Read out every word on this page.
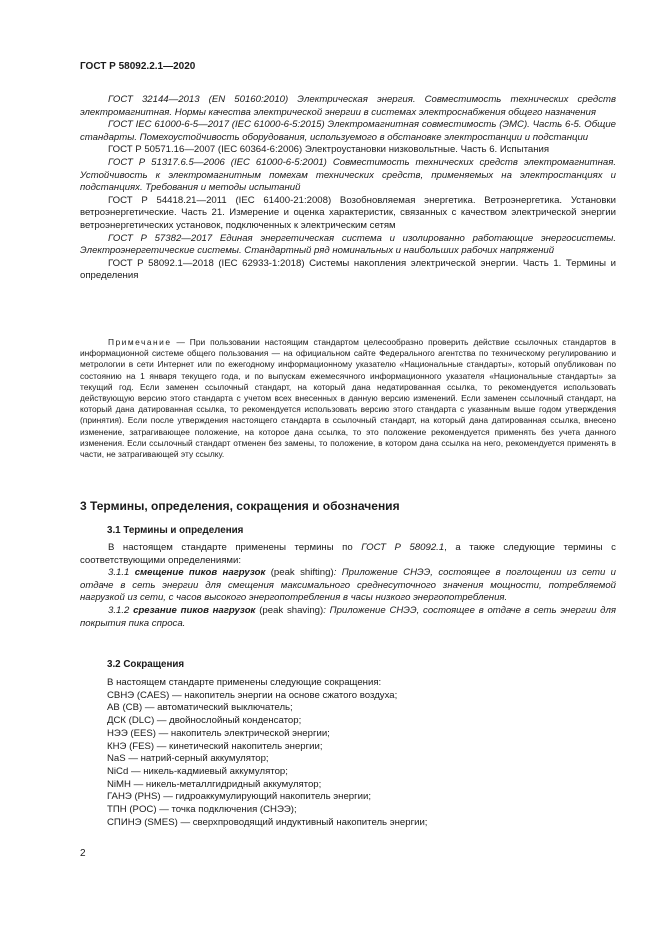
ГОСТ Р 58092.2.1—2020

ГОСТ 32144—2013 (EN 50160:2010) Электрическая энергия. Совместимость технических средств электромагнитная. Нормы качества электрической энергии в системах электроснабжения общего назначения

ГОСТ IEC 61000-6-5—2017 (IEC 61000-6-5:2015) Электромагнитная совместимость (ЭМС). Часть 6-5. Общие стандарты. Помехоустойчивость оборудования, используемого в обстановке электростанции и подстанции

ГОСТ Р 50571.16—2007 (IEC 60364-6:2006) Электроустановки низковольтные. Часть 6. Испытания

ГОСТ Р 51317.6.5—2006 (IEC 61000-6-5:2001) Совместимость технических средств электромагнитная. Устойчивость к электромагнитным помехам технических средств, применяемых на электростанциях и подстанциях. Требования и методы испытаний

ГОСТ Р 54418.21—2011 (IEC 61400-21:2008) Возобновляемая энергетика. Ветроэнергетика. Установки ветроэнергетические. Часть 21. Измерение и оценка характеристик, связанных с качеством электрической энергии ветроэнергетических установок, подключенных к электрическим сетям

ГОСТ Р 57382—2017 Единая энергетическая система и изолированно работающие энергосистемы. Электроэнергетические системы. Стандартный ряд номинальных и наибольших рабочих напряжений

ГОСТ Р 58092.1—2018 (IEC 62933-1:2018) Системы накопления электрической энергии. Часть 1. Термины и определения

Примечание — При пользовании настоящим стандартом целесообразно проверить действие ссылочных стандартов в информационной системе общего пользования — на официальном сайте Федерального агентства по техническому регулированию и метрологии в сети Интернет или по ежегодному информационному указателю «Национальные стандарты», который опубликован по состоянию на 1 января текущего года, и по выпускам ежемесячного информационного указателя «Национальные стандарты» за текущий год. Если заменен ссылочный стандарт, на который дана недатированная ссылка, то рекомендуется использовать действующую версию этого стандарта с учетом всех внесенных в данную версию изменений. Если заменен ссылочный стандарт, на который дана датированная ссылка, то рекомендуется использовать версию этого стандарта с указанным выше годом утверждения (принятия). Если после утверждения настоящего стандарта в ссылочный стандарт, на который дана датированная ссылка, внесено изменение, затрагивающее положение, на которое дана ссылка, то это положение рекомендуется применять без учета данного изменения. Если ссылочный стандарт отменен без замены, то положение, в котором дана ссылка на него, рекомендуется применять в части, не затрагивающей эту ссылку.

3 Термины, определения, сокращения и обозначения
3.1 Термины и определения

В настоящем стандарте применены термины по ГОСТ Р 58092.1, а также следующие термины с соответствующими определениями:

3.1.1 смещение пиков нагрузок (peak shifting): Приложение СНЭЭ, состоящее в поглощении из сети и отдаче в сеть энергии для смещения максимального среднесуточного значения мощности, потребляемой нагрузкой из сети, с часов высокого энергопотребления в часы низкого энергопотребления.

3.1.2 срезание пиков нагрузок (peak shaving): Приложение СНЭЭ, состоящее в отдаче в сеть энергии для покрытия пика спроса.

3.2 Сокращения
В настоящем стандарте применены следующие сокращения:
СВНЭ (CAES) — накопитель энергии на основе сжатого воздуха;
АВ (CB) — автоматический выключатель;
ДСК (DLC) — двойнослойный конденсатор;
НЭЭ (EES) — накопитель электрической энергии;
КНЭ (FES) — кинетический накопитель энергии;
NaS — натрий-серный аккумулятор;
NiCd — никель-кадмиевый аккумулятор;
NiMH — никель-металлгидридный аккумулятор;
ГАНЭ (PHS) — гидроаккумулирующий накопитель энергии;
ТПН (POC) — точка подключения (СНЭЭ);
СПИНЭ (SMES) — сверхпроводящий индуктивный накопитель энергии;
2
